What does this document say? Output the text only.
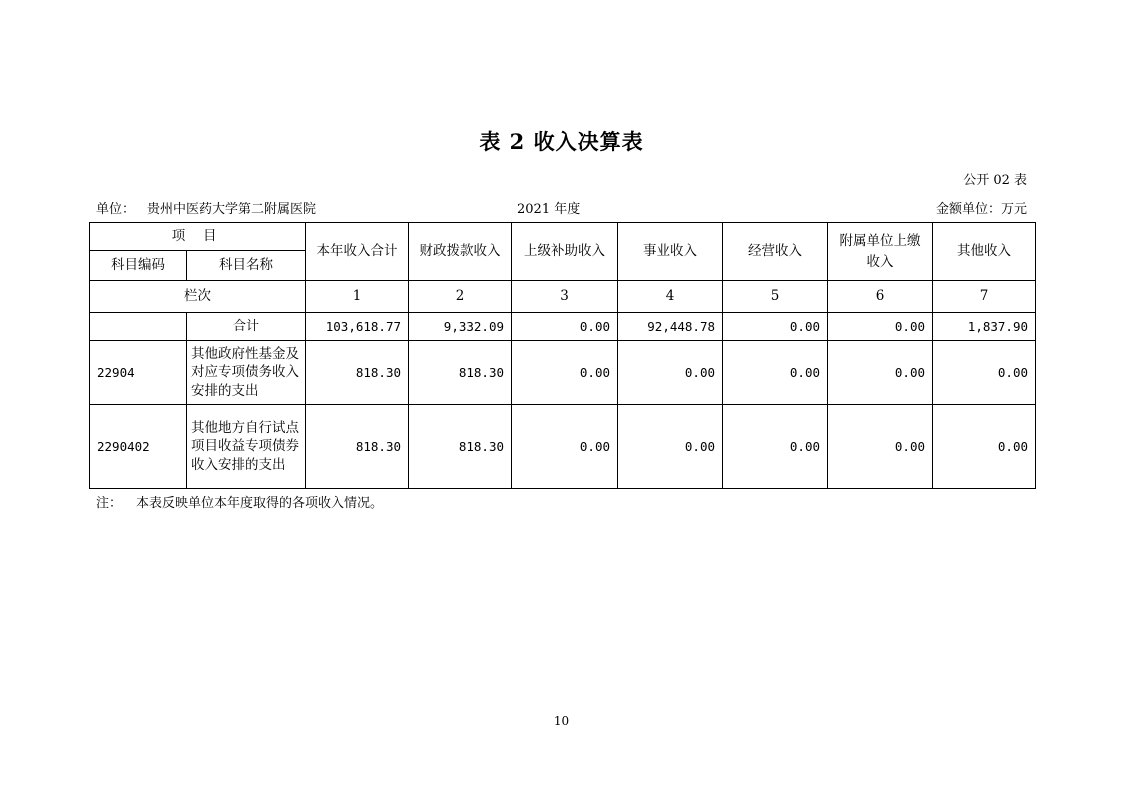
表 2 收入决算表
公开 02 表
单位： 贵州中医药大学第二附属医院	2021 年度	金额单位：万元
项 目		本年收入合计	财政拨款收入	上级补助收入	事业收入	经营收入	附属单位上缴收入	其他收入
科目编码	科目名称							
栏次		1	2	3	4	5	6	7
	合计	103,618.77	9,332.09	0.00	92,448.78	0.00	0.00	1,837.90
22904	其他政府性基金及对应专项债务收入安排的支出	818.30	818.30	0.00	0.00	0.00	0.00	0.00
2290402	其他地方自行试点项目收益专项债券收入安排的支出	818.30	818.30	0.00	0.00	0.00	0.00	0.00
注： 本表反映单位本年度取得的各项收入情况。
10
